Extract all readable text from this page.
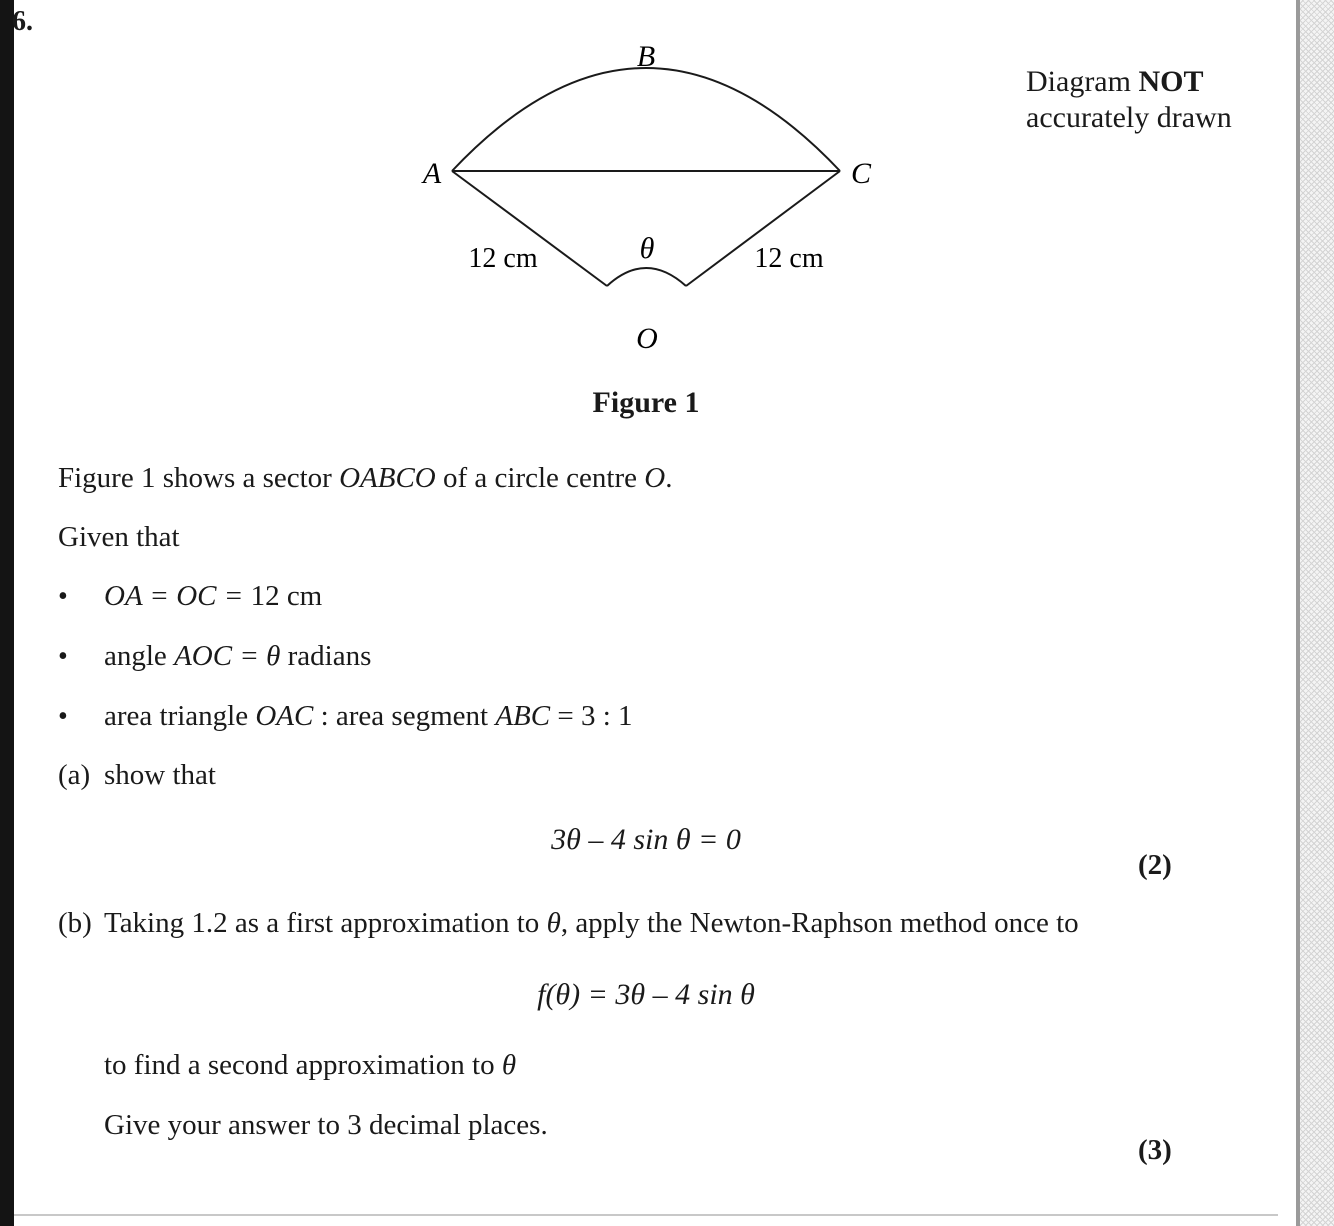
6.
B
A	C
O
θ
12 cm	12 cm
Diagram NOT
accurately drawn
Figure 1
Figure 1 shows a sector OABCO of a circle centre O.
Given that
• OA = OC = 12 cm
• angle AOC = θ radians
• area triangle OAC : area segment ABC = 3 : 1
(a) show that
3θ – 4 sin θ = 0
(2)
(b) Taking 1.2 as a first approximation to θ, apply the Newton-Raphson method once to
f(θ) = 3θ – 4 sin θ
to find a second approximation to θ
Give your answer to 3 decimal places.
(3)
